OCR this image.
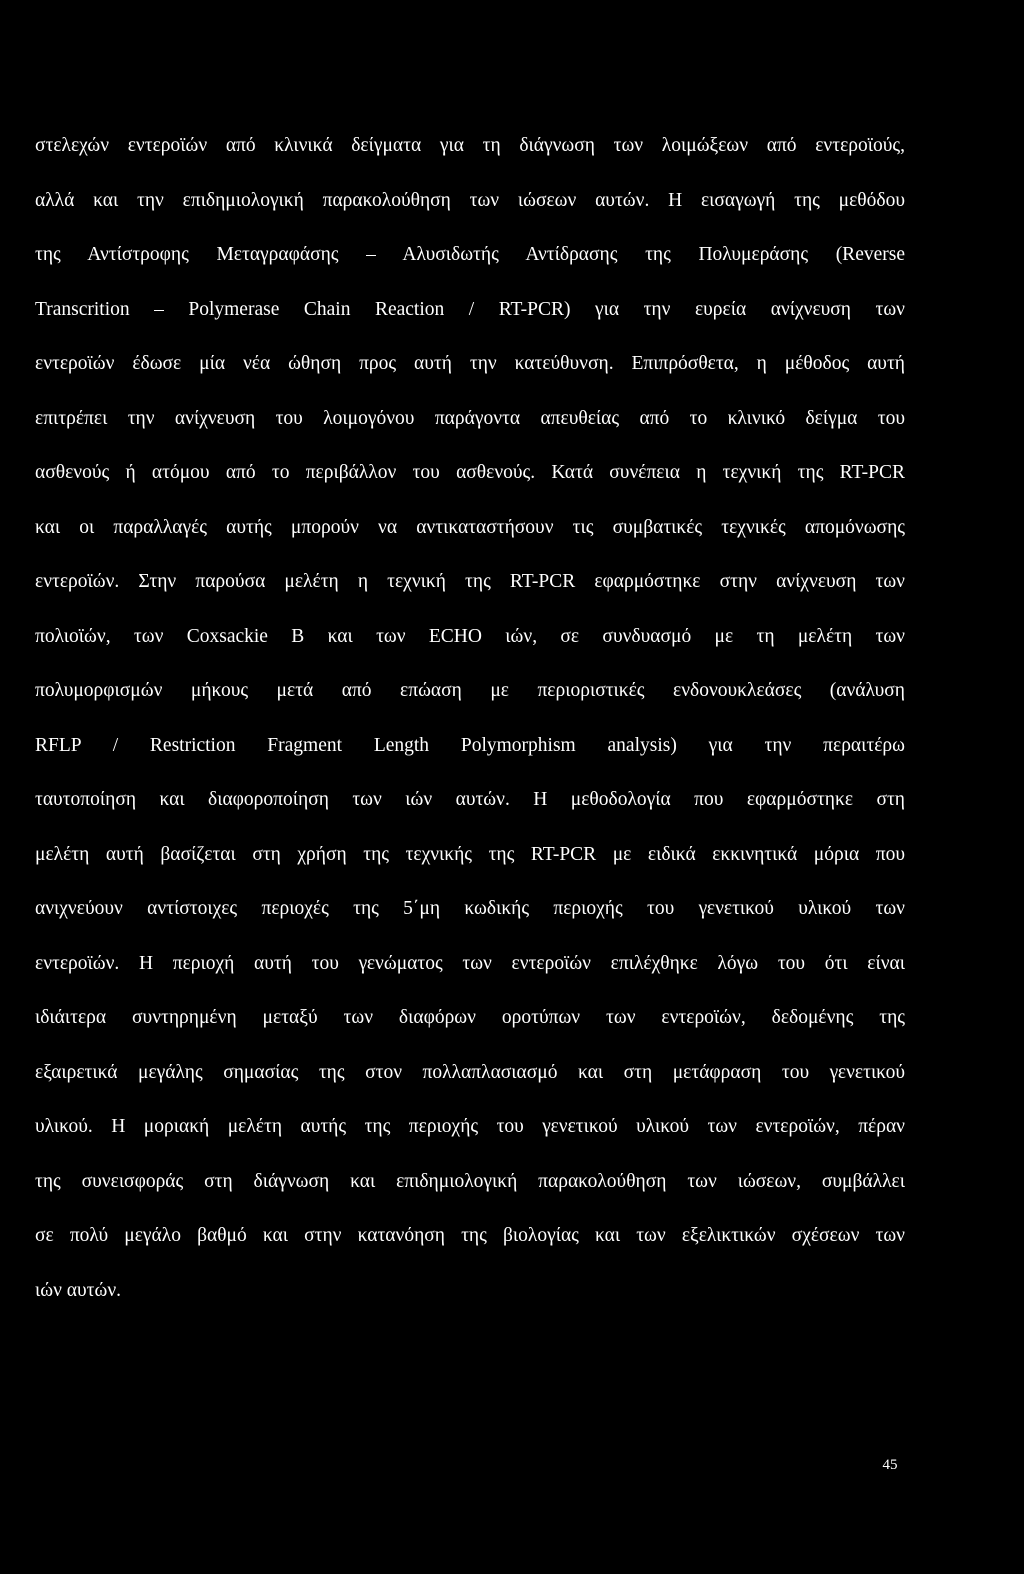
στελεχών εντεροϊών από κλινικά δείγματα για τη διάγνωση των λοιμώξεων από εντεροϊούς,
αλλά και την επιδημιολογική παρακολούθηση των ιώσεων αυτών. Η εισαγωγή της μεθόδου
της Αντίστροφης Μεταγραφάσης – Αλυσιδωτής Αντίδρασης της Πολυμεράσης (Reverse
Transcrition – Polymerase Chain Reaction / RT-PCR) για την ευρεία ανίχνευση των
εντεροϊών έδωσε μία νέα ώθηση προς αυτή την κατεύθυνση. Επιπρόσθετα, η μέθοδος αυτή
επιτρέπει την ανίχνευση του λοιμογόνου παράγοντα απευθείας από το κλινικό δείγμα του
ασθενούς ή ατόμου από το περιβάλλον του ασθενούς. Κατά συνέπεια η τεχνική της RT-PCR
και οι παραλλαγές αυτής μπορούν να αντικαταστήσουν τις συμβατικές τεχνικές απομόνωσης
εντεροϊών. Στην παρούσα μελέτη η τεχνική της RT-PCR εφαρμόστηκε στην ανίχνευση των
πολιοϊών, των Coxsackie B και των ECHO ιών, σε συνδυασμό με τη μελέτη των
πολυμορφισμών μήκους μετά από επώαση με περιοριστικές ενδονουκλεάσες (ανάλυση
RFLP / Restriction Fragment Length Polymorphism analysis) για την περαιτέρω
ταυτοποίηση και διαφοροποίηση των ιών αυτών. Η μεθοδολογία που εφαρμόστηκε στη
μελέτη αυτή βασίζεται στη χρήση της τεχνικής της RT-PCR με ειδικά εκκινητικά μόρια που
ανιχνεύουν αντίστοιχες περιοχές της 5΄μη κωδικής περιοχής του γενετικού υλικού των
εντεροϊών. Η περιοχή αυτή του γενώματος των εντεροϊών επιλέχθηκε λόγω του ότι είναι
ιδιάιτερα συντηρημένη μεταξύ των διαφόρων οροτύπων των εντεροϊών, δεδομένης της
εξαιρετικά μεγάλης σημασίας της στον πολλαπλασιασμό και στη μετάφραση του γενετικού
υλικού. Η μοριακή μελέτη αυτής της περιοχής του γενετικού υλικού των εντεροϊών, πέραν
της συνεισφοράς στη διάγνωση και επιδημιολογική παρακολούθηση των ιώσεων, συμβάλλει
σε πολύ μεγάλο βαθμό και στην κατανόηση της βιολογίας και των εξελικτικών σχέσεων των
ιών αυτών.

45
